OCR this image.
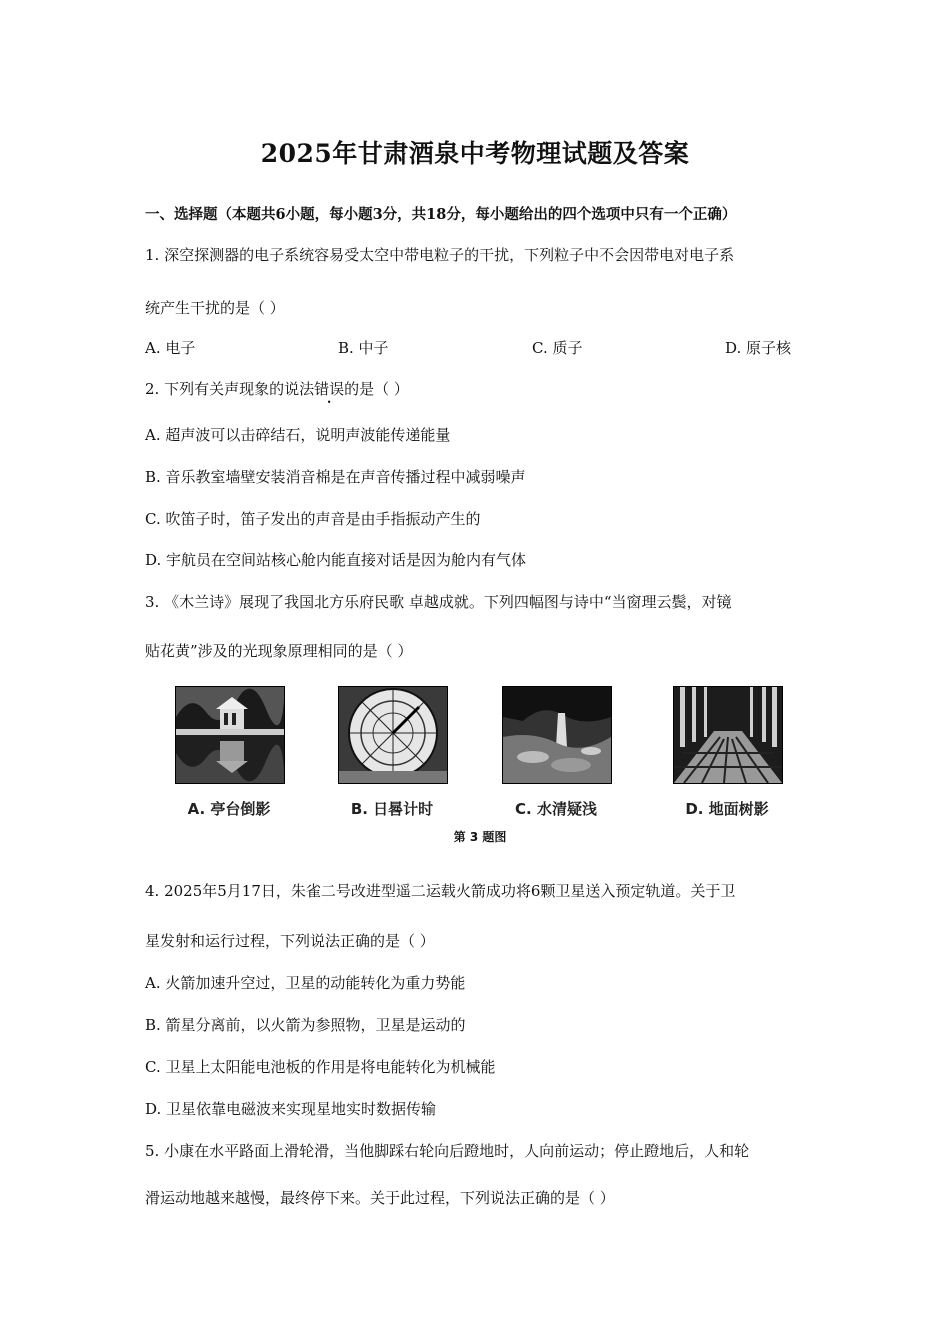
2025年甘肃酒泉中考物理试题及答案
一、选择题（本题共6小题，每小题3分，共18分，每小题给出的四个选项中只有一个正确）
1. 深空探测器的电子系统容易受太空中带电粒子的干扰，下列粒子中不会因带电对电子系
统产生干扰的是（ ）
A. 电子	B. 中子	C. 质子	D. 原子核
2. 下列有关声现象的说法错误的是（ ）
A. 超声波可以击碎结石，说明声波能传递能量
B. 音乐教室墙壁安装消音棉是在声音传播过程中减弱噪声
C. 吹笛子时，笛子发出的声音是由手指振动产生的
D. 宇航员在空间站核心舱内能直接对话是因为舱内有气体
3. 《木兰诗》展现了我国北方乐府民歌 卓越成就。下列四幅图与诗中“当窗理云鬓，对镜
贴花黄”涉及的光现象原理相同的是（ ）
A. 亭台倒影	B. 日晷计时	C. 水清疑浅	D. 地面树影
第 3 题图
4. 2025年5月17日，朱雀二号改进型遥二运载火箭成功将6颗卫星送入预定轨道。关于卫
星发射和运行过程，下列说法正确的是（ ）
A. 火箭加速升空过，卫星的动能转化为重力势能
B. 箭星分离前，以火箭为参照物，卫星是运动的
C. 卫星上太阳能电池板的作用是将电能转化为机械能
D. 卫星依靠电磁波来实现星地实时数据传输
5. 小康在水平路面上滑轮滑，当他脚踩右轮向后蹬地时，人向前运动；停止蹬地后，人和轮
滑运动地越来越慢，最终停下来。关于此过程，下列说法正确的是（ ）
